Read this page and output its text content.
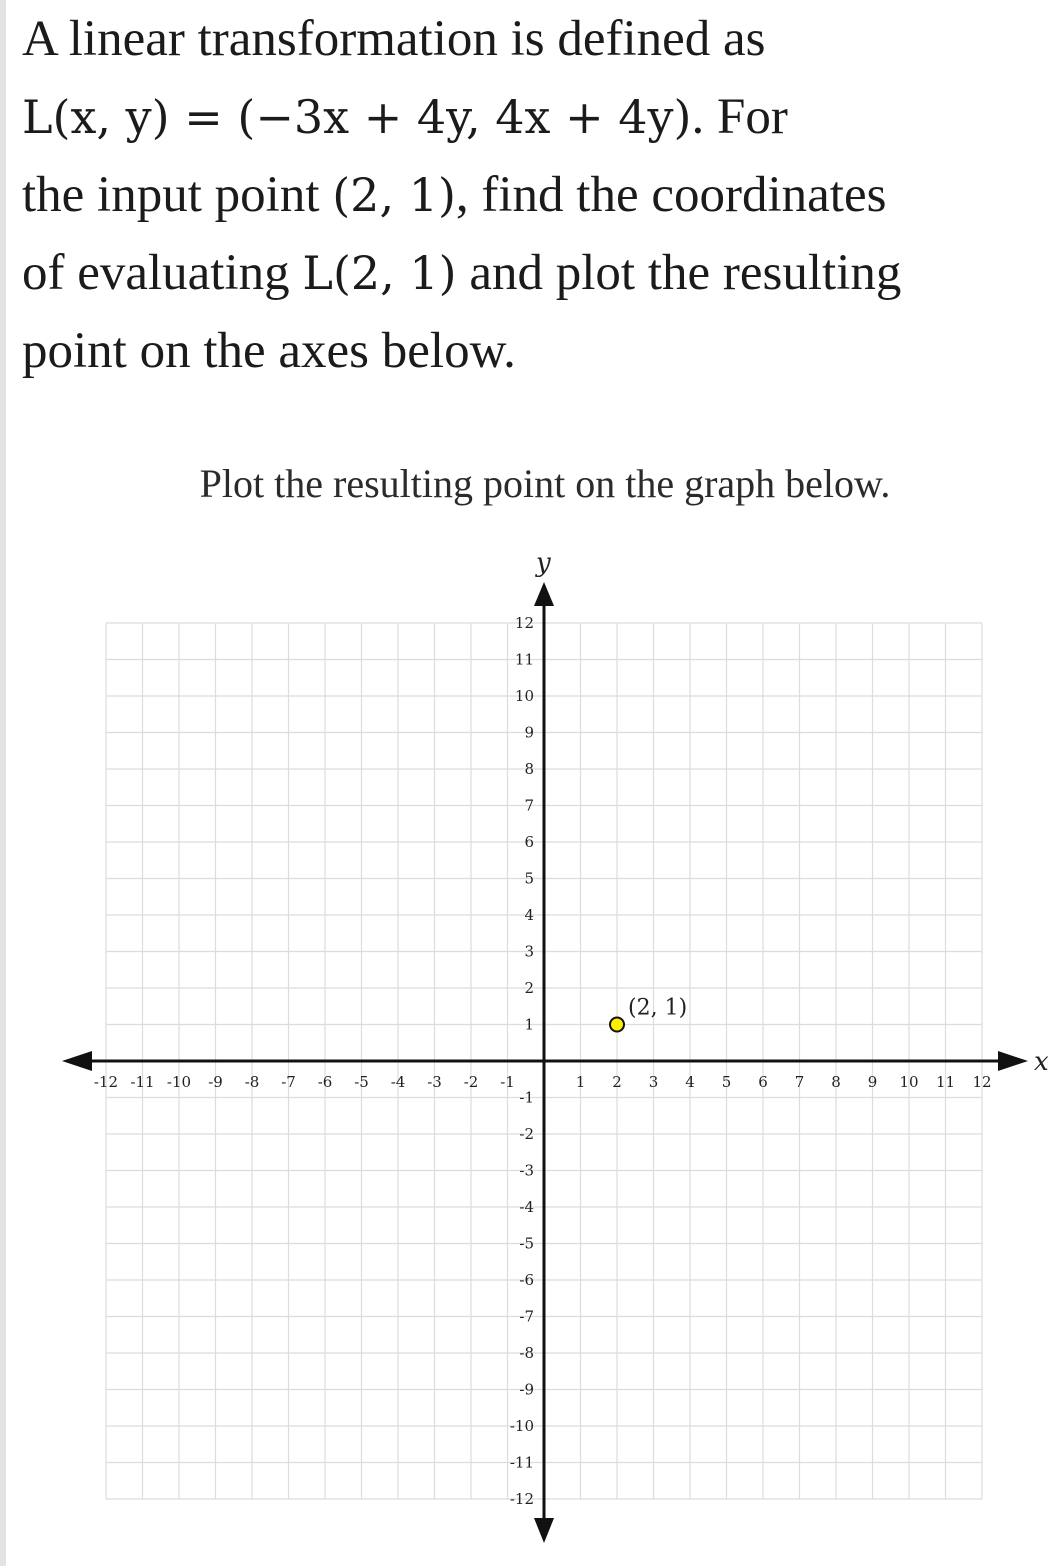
A linear transformation is defined as
L(x, y) = (−3x + 4y, 4x + 4y). For
the input point (2, 1), find the coordinates
of evaluating L(2, 1) and plot the resulting
point on the axes below.
Plot the resulting point on the graph below.
-12 -11 -10 -9 -8 -7 -6 -5 -4 -3 -2 -1	1 2 3 4 5 6 7 8 9 10 11 12
-12
-11
-10
-9
-8
-7
-6
-5
-4
-3
-2
-1
1
2
3
4
5
6
7
8
9
10
11
12
x
y
(2, 1)
